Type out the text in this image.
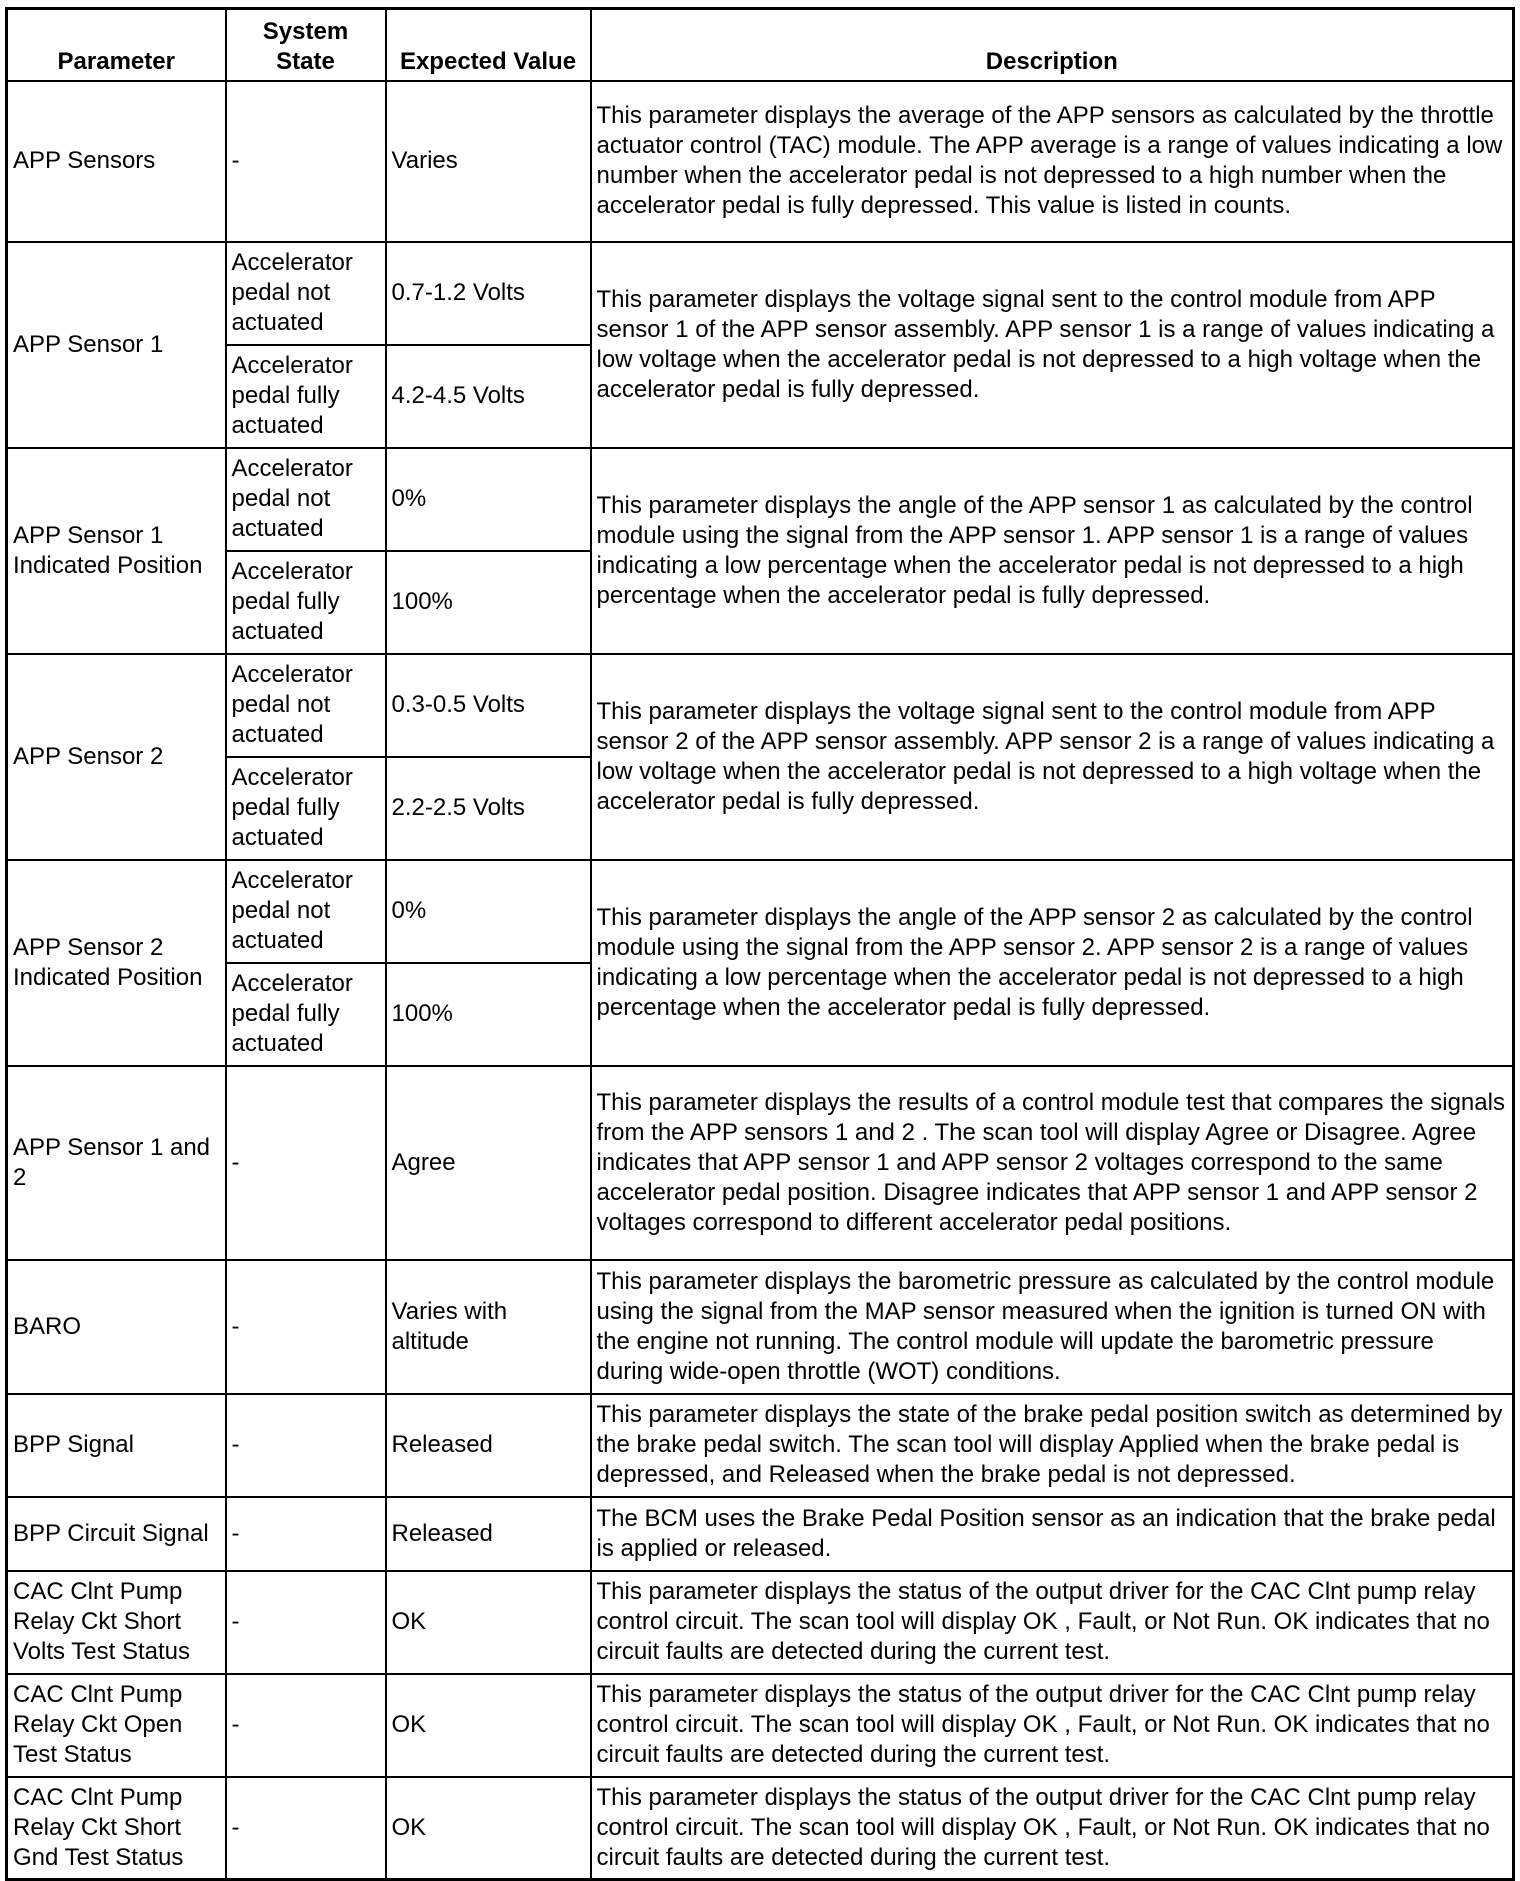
Parameter	System State	Expected Value	Description
APP Sensors	-	Varies	This parameter displays the average of the APP sensors as calculated by the throttle actuator control (TAC) module. The APP average is a range of values indicating a low number when the accelerator pedal is not depressed to a high number when the accelerator pedal is fully depressed. This value is listed in counts.
APP Sensor 1	Accelerator pedal not actuated	0.7-1.2 Volts	This parameter displays the voltage signal sent to the control module from APP sensor 1 of the APP sensor assembly. APP sensor 1 is a range of values indicating a low voltage when the accelerator pedal is not depressed to a high voltage when the accelerator pedal is fully depressed.
	Accelerator pedal fully actuated	4.2-4.5 Volts	
APP Sensor 1 Indicated Position	Accelerator pedal not actuated	0%	This parameter displays the angle of the APP sensor 1 as calculated by the control module using the signal from the APP sensor 1. APP sensor 1 is a range of values indicating a low percentage when the accelerator pedal is not depressed to a high percentage when the accelerator pedal is fully depressed.
	Accelerator pedal fully actuated	100%	
APP Sensor 2	Accelerator pedal not actuated	0.3-0.5 Volts	This parameter displays the voltage signal sent to the control module from APP sensor 2 of the APP sensor assembly. APP sensor 2 is a range of values indicating a low voltage when the accelerator pedal is not depressed to a high voltage when the accelerator pedal is fully depressed.
	Accelerator pedal fully actuated	2.2-2.5 Volts	
APP Sensor 2 Indicated Position	Accelerator pedal not actuated	0%	This parameter displays the angle of the APP sensor 2 as calculated by the control module using the signal from the APP sensor 2. APP sensor 2 is a range of values indicating a low percentage when the accelerator pedal is not depressed to a high percentage when the accelerator pedal is fully depressed.
	Accelerator pedal fully actuated	100%	
APP Sensor 1 and 2	-	Agree	This parameter displays the results of a control module test that compares the signals from the APP sensors 1 and 2 . The scan tool will display Agree or Disagree. Agree indicates that APP sensor 1 and APP sensor 2 voltages correspond to the same accelerator pedal position. Disagree indicates that APP sensor 1 and APP sensor 2 voltages correspond to different accelerator pedal positions.
BARO	-	Varies with altitude	This parameter displays the barometric pressure as calculated by the control module using the signal from the MAP sensor measured when the ignition is turned ON with the engine not running. The control module will update the barometric pressure during wide-open throttle (WOT) conditions.
BPP Signal	-	Released	This parameter displays the state of the brake pedal position switch as determined by the brake pedal switch. The scan tool will display Applied when the brake pedal is depressed, and Released when the brake pedal is not depressed.
BPP Circuit Signal	-	Released	The BCM uses the Brake Pedal Position sensor as an indication that the brake pedal is applied or released.
CAC Clnt Pump Relay Ckt Short Volts Test Status	-	OK	This parameter displays the status of the output driver for the CAC Clnt pump relay control circuit. The scan tool will display OK , Fault, or Not Run. OK indicates that no circuit faults are detected during the current test.
CAC Clnt Pump Relay Ckt Open Test Status	-	OK	This parameter displays the status of the output driver for the CAC Clnt pump relay control circuit. The scan tool will display OK , Fault, or Not Run. OK indicates that no circuit faults are detected during the current test.
CAC Clnt Pump Relay Ckt Short Gnd Test Status	-	OK	This parameter displays the status of the output driver for the CAC Clnt pump relay control circuit. The scan tool will display OK , Fault, or Not Run. OK indicates that no circuit faults are detected during the current test.
